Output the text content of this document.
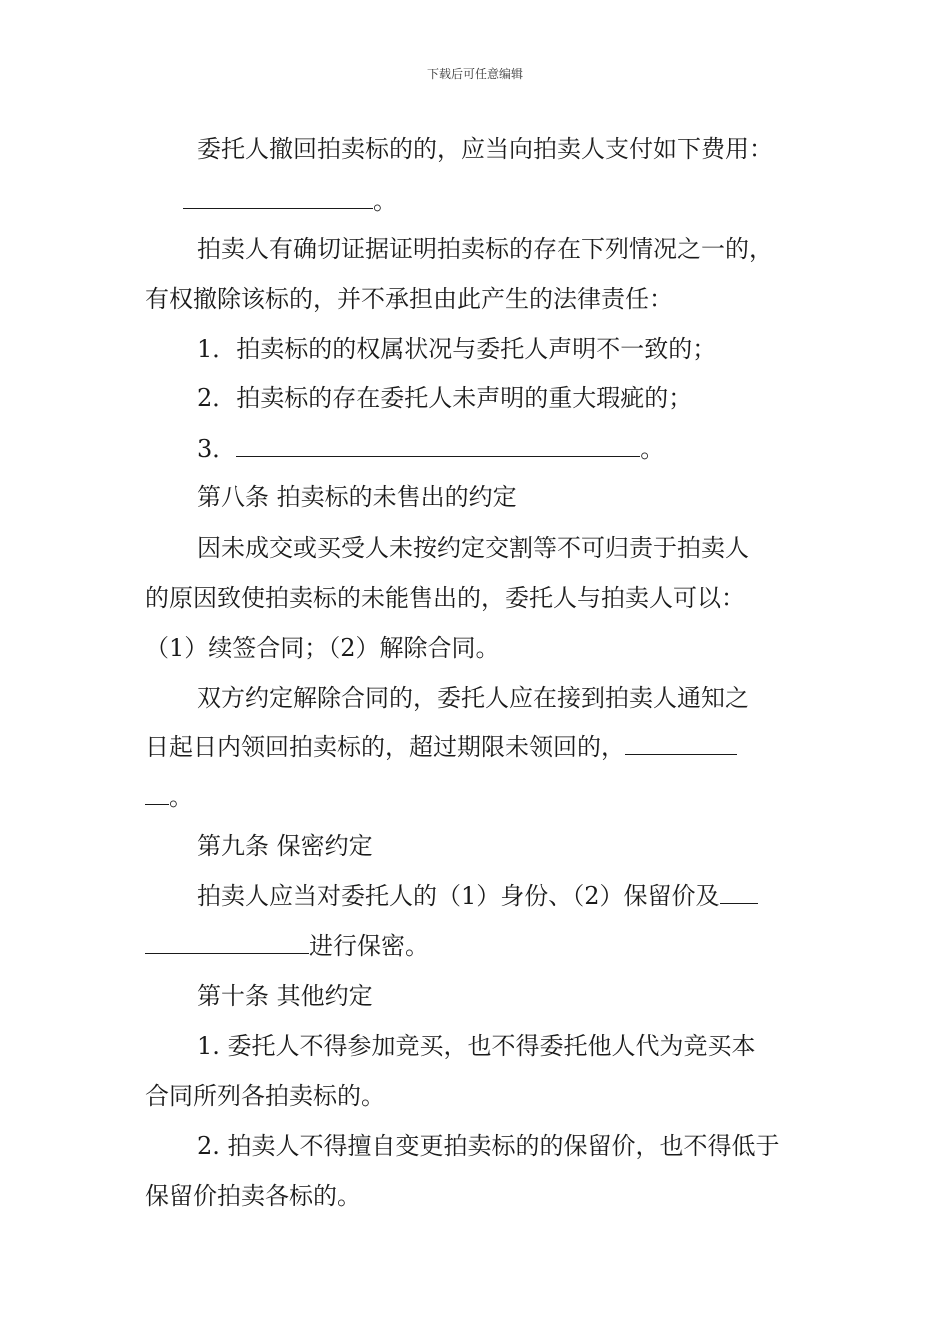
下载后可任意编辑
委托人撤回拍卖标的的，应当向拍卖人支付如下费用：
。
拍卖人有确切证据证明拍卖标的存在下列情况之一的，
有权撤除该标的，并不承担由此产生的法律责任：
1．拍卖标的的权属状况与委托人声明不一致的；
2．拍卖标的存在委托人未声明的重大瑕疵的；
3．	。
第八条 拍卖标的未售出的约定
因未成交或买受人未按约定交割等不可归责于拍卖人
的原因致使拍卖标的未能售出的，委托人与拍卖人可以：
（1）续签合同；（2）解除合同。
双方约定解除合同的，委托人应在接到拍卖人通知之
日起日内领回拍卖标的，超过期限未领回的，
。
第九条 保密约定
拍卖人应当对委托人的（1）身份、（2）保留价及
进行保密。
第十条 其他约定
1. 委托人不得参加竞买，也不得委托他人代为竞买本
合同所列各拍卖标的。
2. 拍卖人不得擅自变更拍卖标的的保留价，也不得低于
保留价拍卖各标的。
